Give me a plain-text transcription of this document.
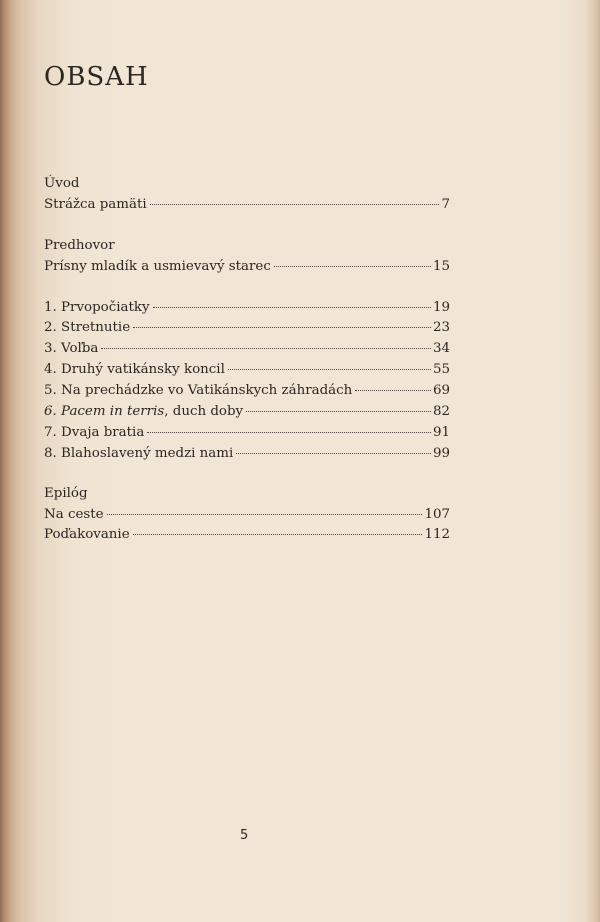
OBSAH
Úvod
Strážca pamäti	7
Predhovor
Prísny mladík a usmievavý starec	15
1. Prvopočiatky	19
2. Stretnutie	23
3. Voľba	34
4. Druhý vatikánsky koncil	55
5. Na prechádzke vo Vatikánskych záhradách	69
6. Pacem in terris, duch doby	82
7. Dvaja bratia	91
8. Blahoslavený medzi nami	99
Epilóg
Na ceste	107
Poďakovanie	112
5
